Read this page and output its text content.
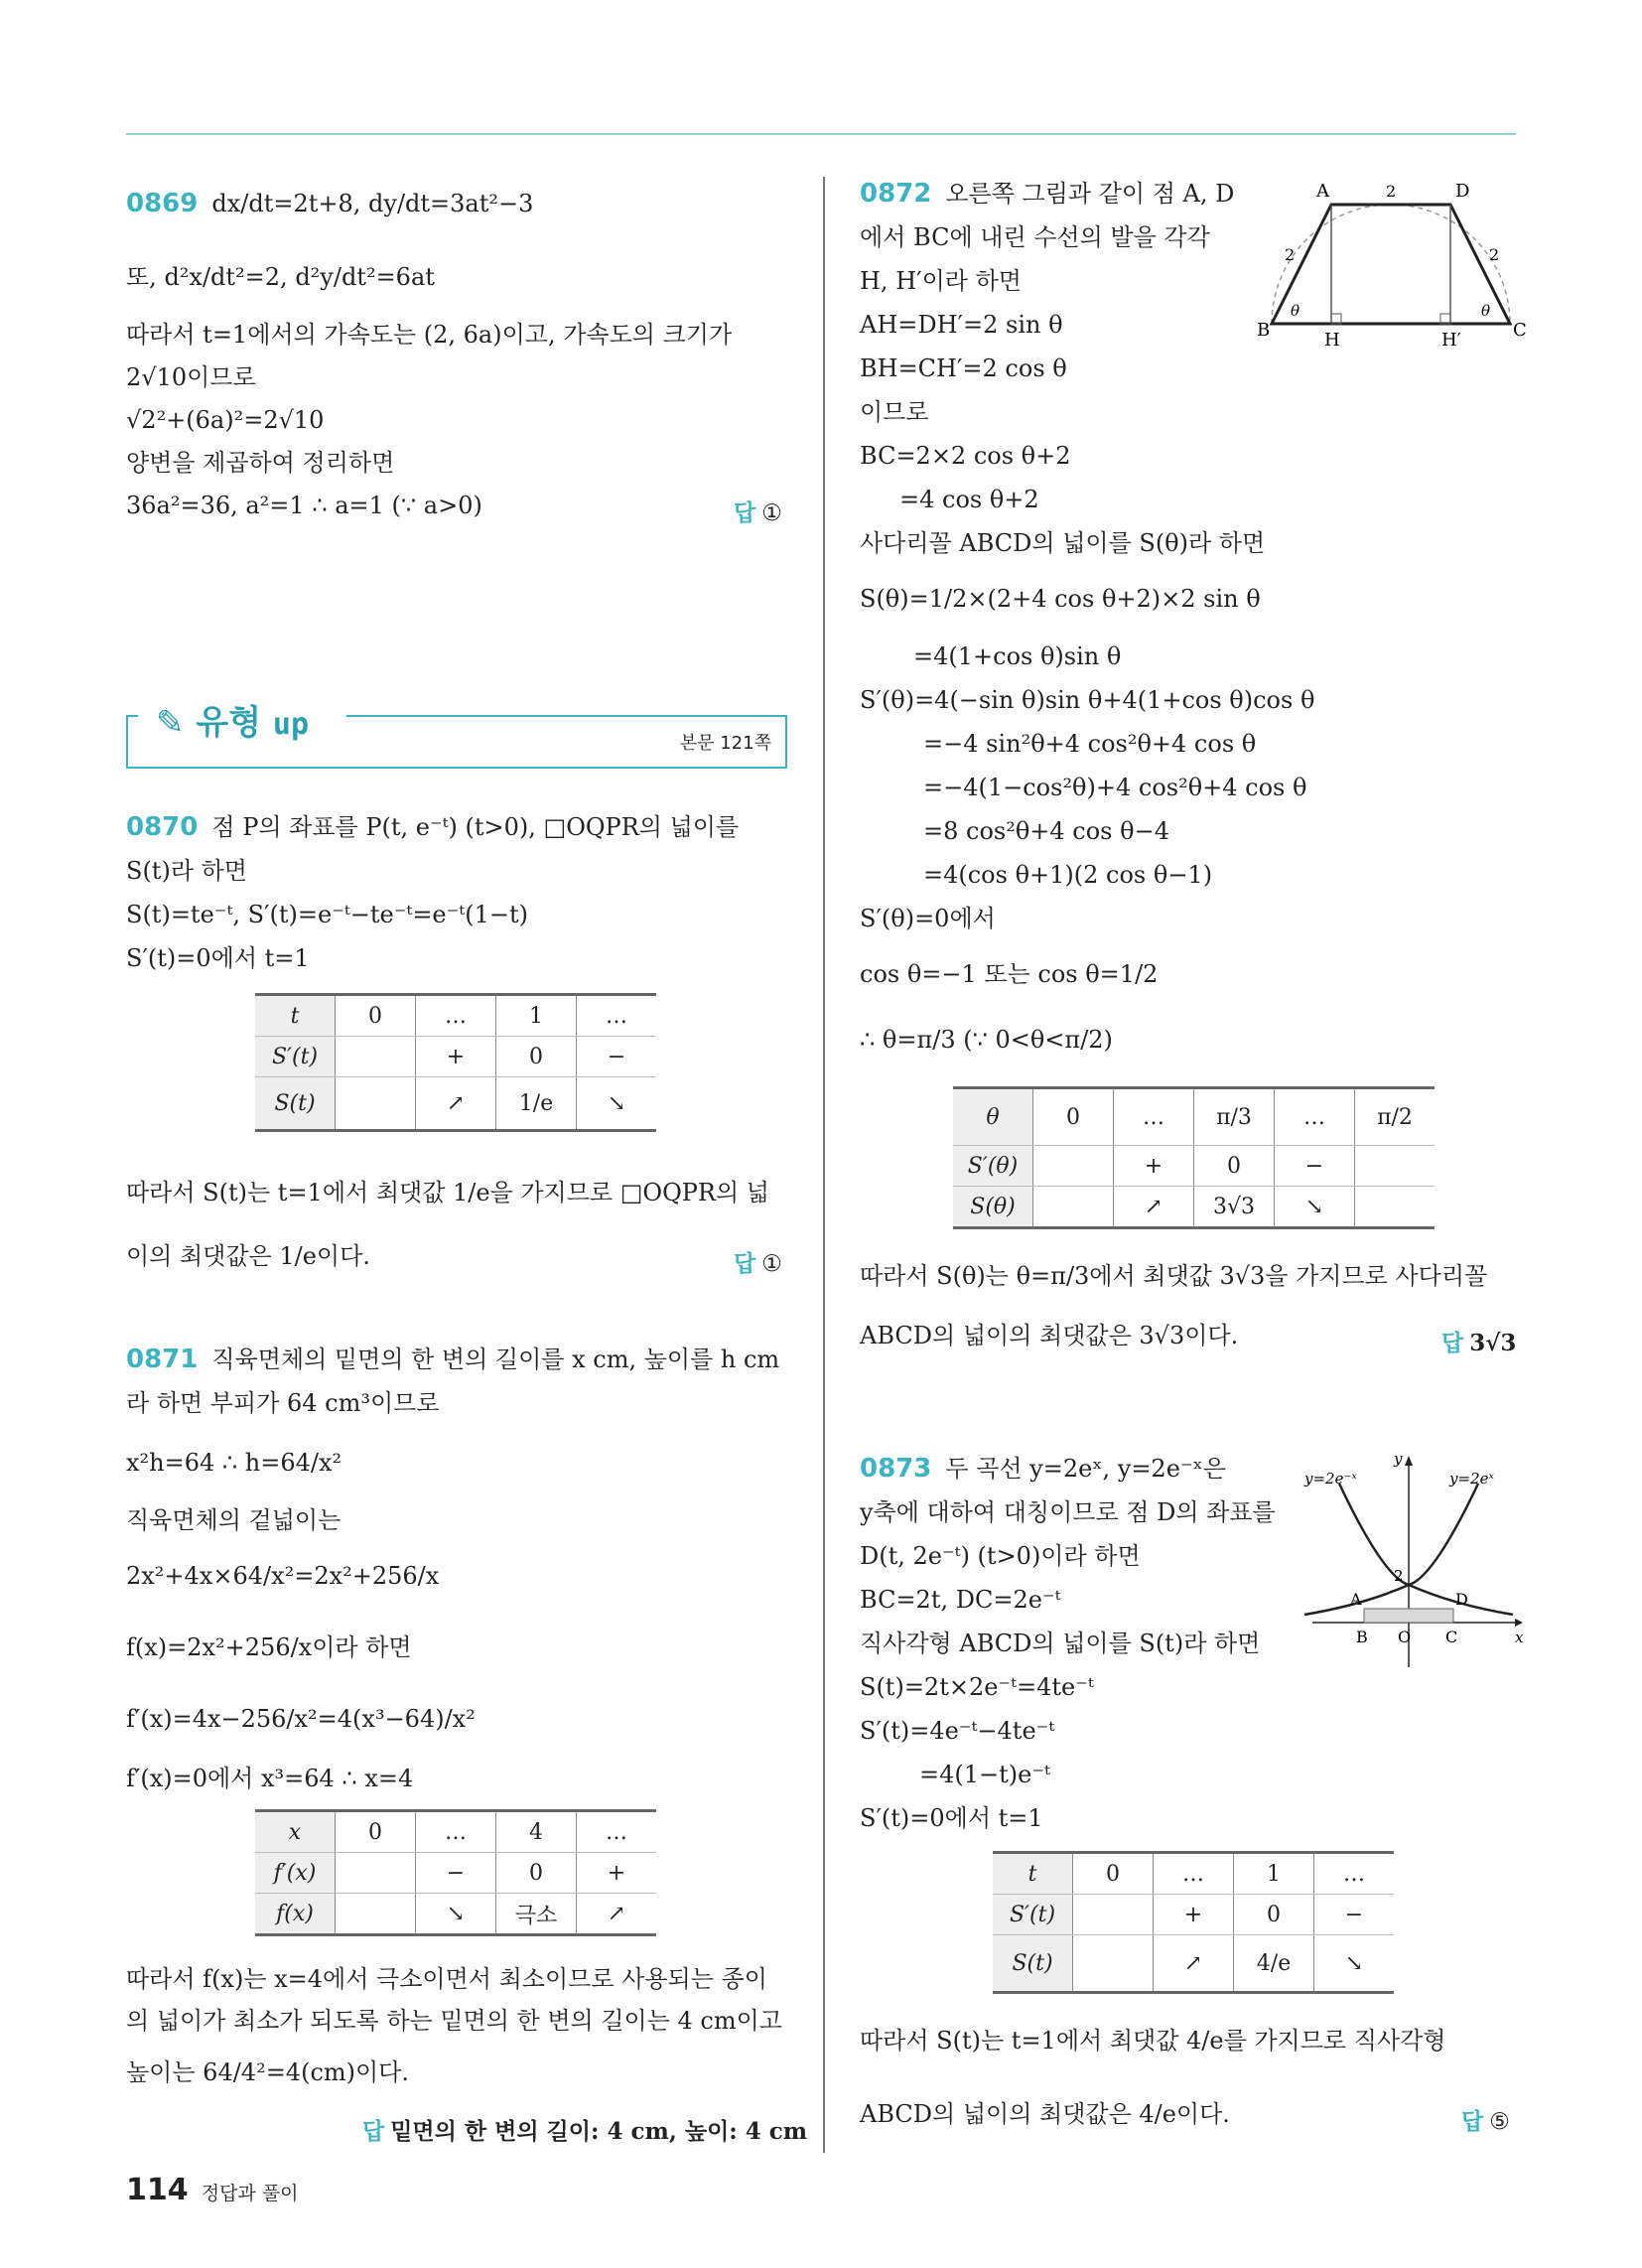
0869 dx/dt=2t+8, dy/dt=3at²−3
또, d²x/dt²=2, d²y/dt²=6at
따라서 t=1에서의 가속도는 (2, 6a)이고, 가속도의 크기가
2√10이므로
√2²+(6a)²=2√10
양변을 제곱하여 정리하면
36a²=36, a²=1 ∴ a=1 (∵ a>0)	답 ①
✎ 유형 up
본문 121쪽
0870 점 P의 좌표를 P(t, e⁻ᵗ) (t>0), □OQPR의 넓이를
S(t)라 하면
S(t)=te⁻ᵗ, S′(t)=e⁻ᵗ−te⁻ᵗ=e⁻ᵗ(1−t)
S′(t)=0에서 t=1
t	0	…	1	…
S′(t)		+	0	−
S(t)		↗	1/e	↘
따라서 S(t)는 t=1에서 최댓값 1/e을 가지므로 □OQPR의 넓
이의 최댓값은 1/e이다.	답 ①
0871 직육면체의 밑면의 한 변의 길이를 x cm, 높이를 h cm
라 하면 부피가 64 cm³이므로
x²h=64 ∴ h=64/x²
직육면체의 겉넓이는
2x²+4x×64/x²=2x²+256/x
f(x)=2x²+256/x이라 하면
f′(x)=4x−256/x²=4(x³−64)/x²
f′(x)=0에서 x³=64 ∴ x=4
x	0	…	4	…
f′(x)		−	0	+
f(x)		↘	극소	↗
따라서 f(x)는 x=4에서 극소이면서 최소이므로 사용되는 종이
의 넓이가 최소가 되도록 하는 밑면의 한 변의 길이는 4 cm이고
높이는 64/4²=4(cm)이다.
답 밑면의 한 변의 길이: 4 cm, 높이: 4 cm
0872 오른쪽 그림과 같이 점 A, D
에서 BC에 내린 수선의 발을 각각
H, H′이라 하면
AH=DH′=2 sin θ
BH=CH′=2 cos θ
이므로
BC=2×2 cos θ+2
=4 cos θ+2
사다리꼴 ABCD의 넓이를 S(θ)라 하면
S(θ)=1/2×(2+4 cos θ+2)×2 sin θ
=4(1+cos θ)sin θ
S′(θ)=4(−sin θ)sin θ+4(1+cos θ)cos θ
=−4 sin²θ+4 cos²θ+4 cos θ
=−4(1−cos²θ)+4 cos²θ+4 cos θ
=8 cos²θ+4 cos θ−4
=4(cos θ+1)(2 cos θ−1)
S′(θ)=0에서
cos θ=−1 또는 cos θ=1/2
∴ θ=π/3 (∵ 0<θ<π/2)
A	D
B	C
H	H′
2
2	2
θ	θ
θ	0	…	π/3	…	π/2
S′(θ)		+	0	−	
S(θ)		↗	3√3	↘	
따라서 S(θ)는 θ=π/3에서 최댓값 3√3을 가지므로 사다리꼴
ABCD의 넓이의 최댓값은 3√3이다.	답 3√3
0873 두 곡선 y=2eˣ, y=2e⁻ˣ은
y축에 대하여 대칭이므로 점 D의 좌표를
D(t, 2e⁻ᵗ) (t>0)이라 하면
BC=2t, DC=2e⁻ᵗ
직사각형 ABCD의 넓이를 S(t)라 하면
S(t)=2t×2e⁻ᵗ=4te⁻ᵗ
S′(t)=4e⁻ᵗ−4te⁻ᵗ
=4(1−t)e⁻ᵗ
S′(t)=0에서 t=1
y=2e⁻ˣ	y=2eˣ
y
x
2
A	D
B O C
t	0	…	1	…
S′(t)		+	0	−
S(t)		↗	4/e	↘
따라서 S(t)는 t=1에서 최댓값 4/e를 가지므로 직사각형
ABCD의 넓이의 최댓값은 4/e이다.	답 ⑤
114 정답과 풀이
